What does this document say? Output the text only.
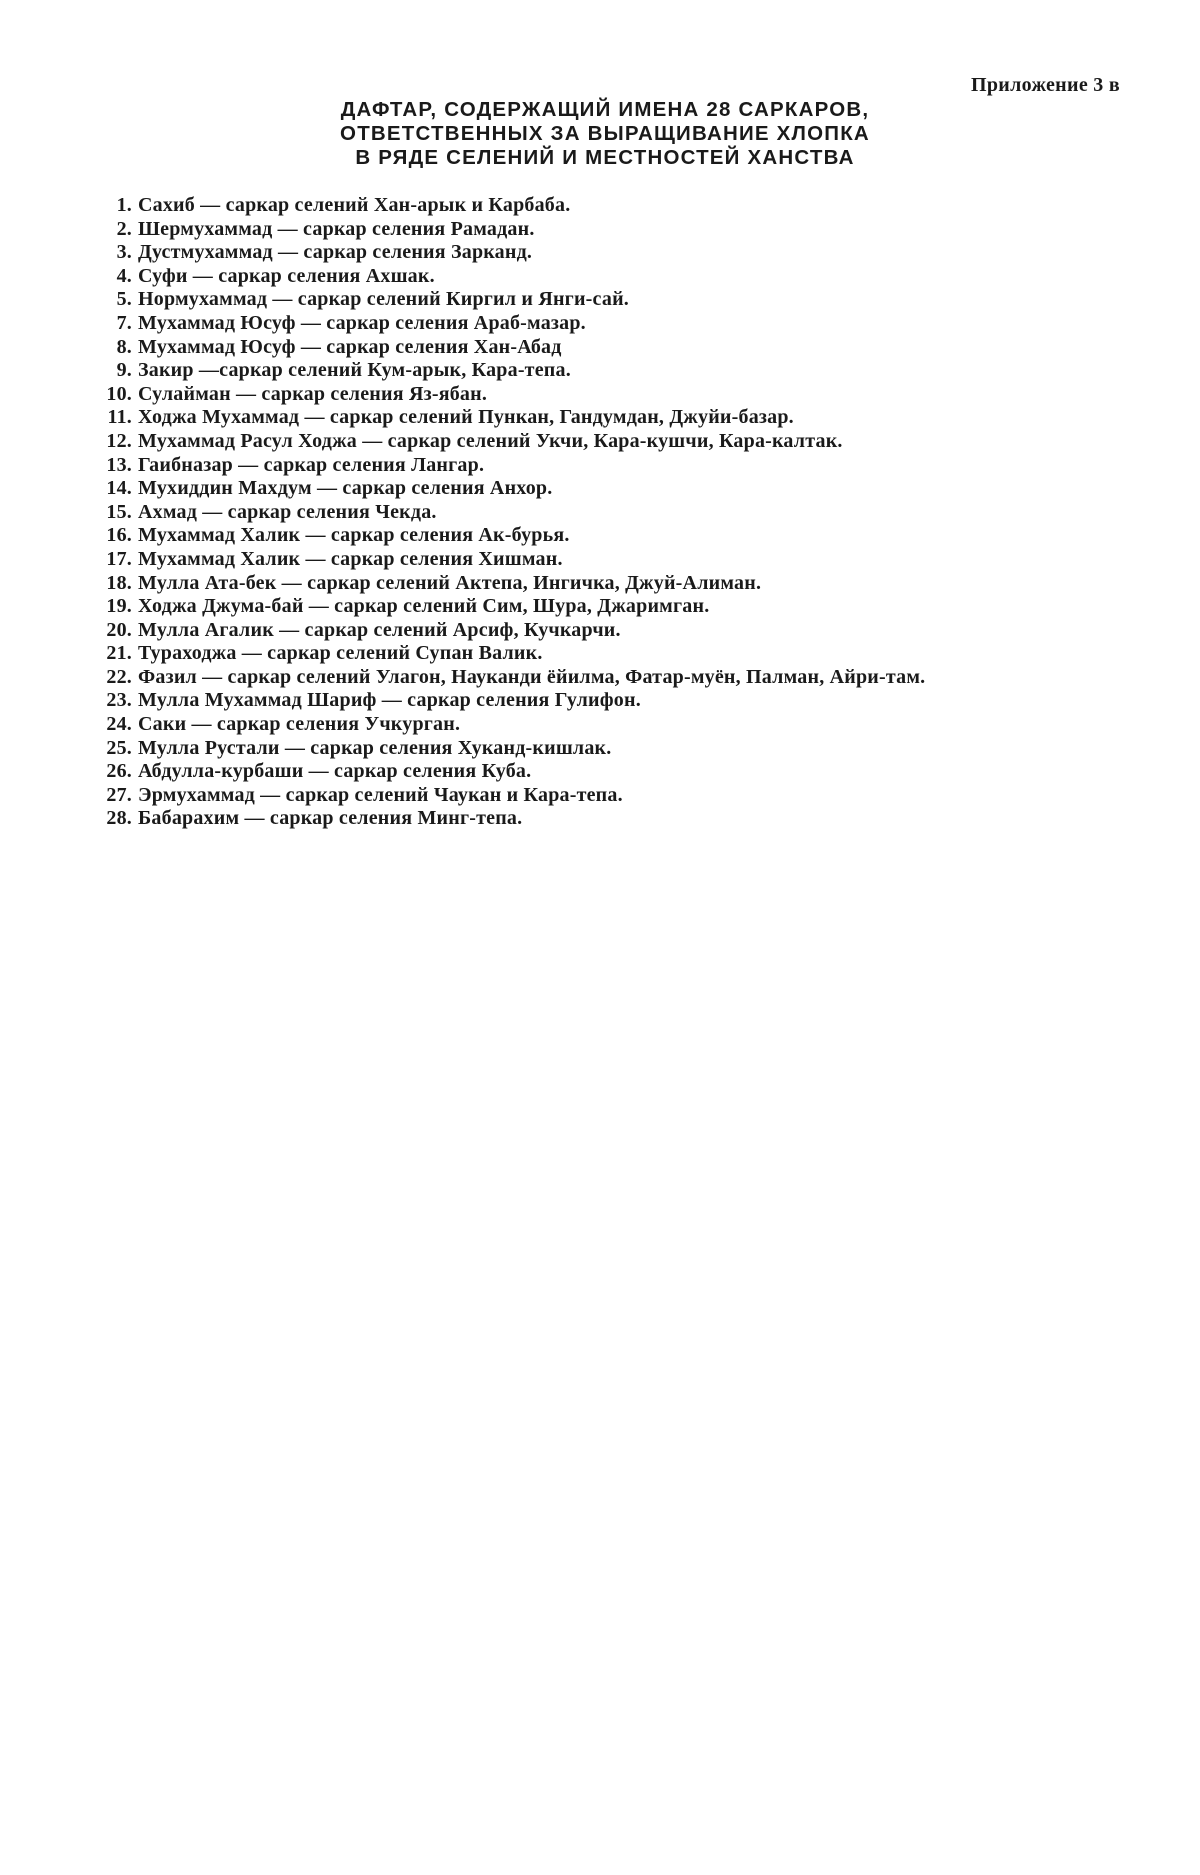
Приложение 3 в
ДАФТАР, СОДЕРЖАЩИЙ ИМЕНА 28 САРКАРОВ,
ОТВЕТСТВЕННЫХ ЗА ВЫРАЩИВАНИЕ ХЛОПКА
В РЯДЕ СЕЛЕНИЙ И МЕСТНОСТЕЙ ХАНСТВА
1. Сахиб — саркар селений Хан-арык и Карбаба.
2. Шермухаммад — саркар селения Рамадан.
3. Дустмухаммад — саркар селения Зарканд.
4. Суфи — саркар селения Ахшак.
5. Нормухаммад — саркар селений Киргил и Янги-сай.
7. Мухаммад Юсуф — саркар селения Араб-мазар.
8. Мухаммад Юсуф — саркар селения Хан-Абад
9. Закир —саркар селений Кум-арык, Кара-тепа.
10. Сулайман — саркар селения Яз-ябан.
11. Ходжа Мухаммад — саркар селений Пункан, Гандумдан, Джуйи-базар.
12. Мухаммад Расул Ходжа — саркар селений Укчи, Кара-кушчи, Кара-калтак.
13. Гаибназар — саркар селения Лангар.
14. Мухиддин Махдум — саркар селения Анхор.
15. Ахмад — саркар селения Чекда.
16. Мухаммад Халик — саркар селения Ак-бурья.
17. Мухаммад Халик — саркар селения Хишман.
18. Мулла Ата-бек — саркар селений Актепа, Ингичка, Джуй-Алиман.
19. Ходжа Джума-бай — саркар селений Сим, Шура, Джаримган.
20. Мулла Агалик — саркар селений Арсиф, Кучкарчи.
21. Тураходжа — саркар селений Супан Валик.
22. Фазил — саркар селений Улагон, Науканди ёйилма, Фатар-муён, Палман, Айри-там.
23. Мулла Мухаммад Шариф — саркар селения Гулифон.
24. Саки — саркар селения Учкурган.
25. Мулла Рустали — саркар селения Хуканд-кишлак.
26. Абдулла-курбаши — саркар селения Куба.
27. Эрмухаммад — саркар селений Чаукан и Кара-тепа.
28. Бабарахим — саркар селения Минг-тепа.
